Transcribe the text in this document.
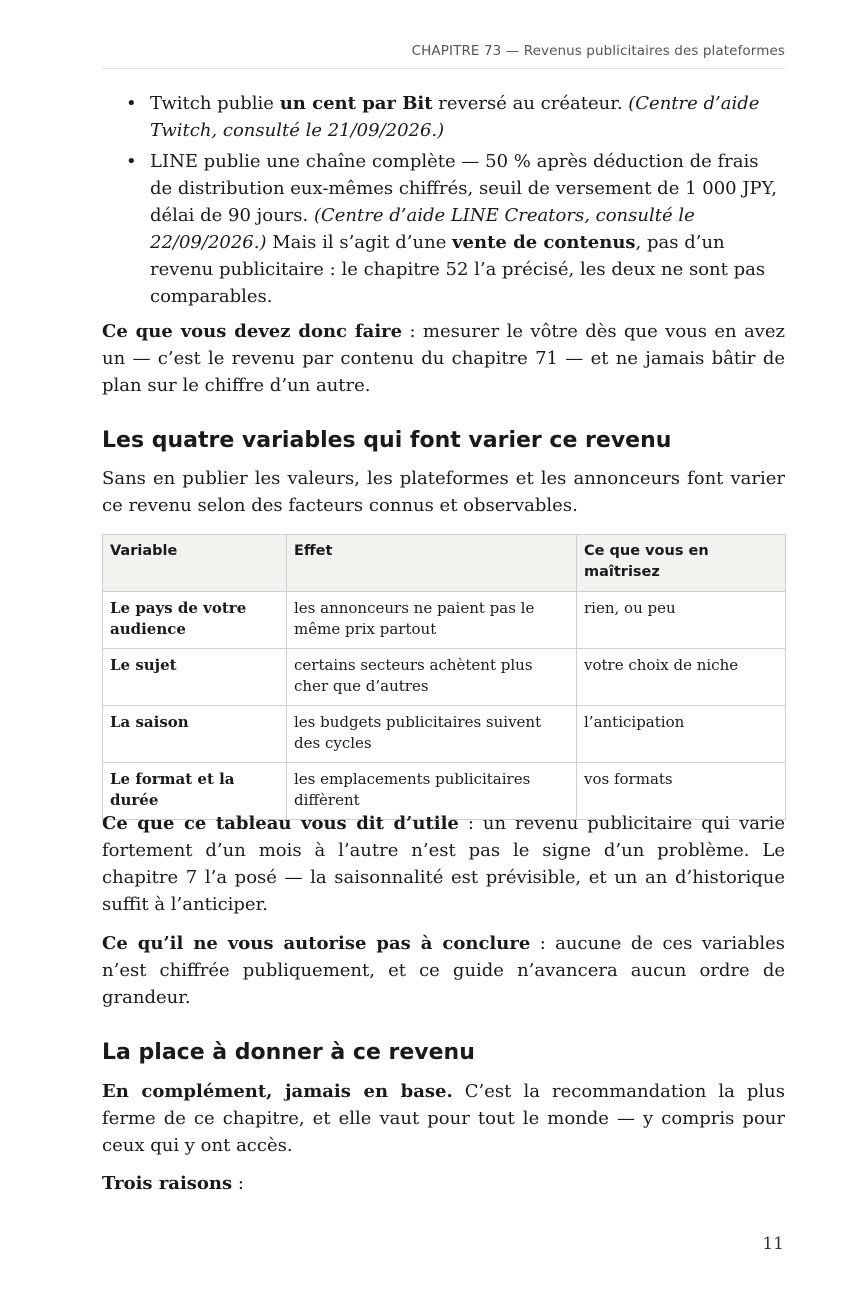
CHAPITRE 73 — Revenus publicitaires des plateformes
• Twitch publie un cent par Bit reversé au créateur. (Centre d’aide Twitch, consulté le 21/09/2026.)
• LINE publie une chaîne complète — 50 % après déduction de frais de distribution eux-mêmes chiffrés, seuil de versement de 1 000 JPY, délai de 90 jours. (Centre d’aide LINE Creators, consulté le 22/09/2026.) Mais il s’agit d’une vente de contenus, pas d’un revenu publicitaire : le chapitre 52 l’a précisé, les deux ne sont pas comparables.

Ce que vous devez donc faire : mesurer le vôtre dès que vous en avez un — c’est le revenu par contenu du chapitre 71 — et ne jamais bâtir de plan sur le chiffre d’un autre.

Les quatre variables qui font varier ce revenu

Sans en publier les valeurs, les plateformes et les annonceurs font varier ce revenu selon des facteurs connus et observables.

Variable	Effet	Ce que vous en maîtrisez
Le pays de votre audience	les annonceurs ne paient pas le même prix partout	rien, ou peu
Le sujet	certains secteurs achètent plus cher que d’autres	votre choix de niche
La saison	les budgets publicitaires suivent des cycles	l’anticipation
Le format et la durée	les emplacements publicitaires diffèrent	vos formats

Ce que ce tableau vous dit d’utile : un revenu publicitaire qui varie fortement d’un mois à l’autre n’est pas le signe d’un problème. Le chapitre 7 l’a posé — la saisonnalité est prévisible, et un an d’historique suffit à l’anticiper.

Ce qu’il ne vous autorise pas à conclure : aucune de ces variables n’est chiffrée publiquement, et ce guide n’avancera aucun ordre de grandeur.

La place à donner à ce revenu

En complément, jamais en base. C’est la recommandation la plus ferme de ce chapitre, et elle vaut pour tout le monde — y compris pour ceux qui y ont accès.

Trois raisons :

11
